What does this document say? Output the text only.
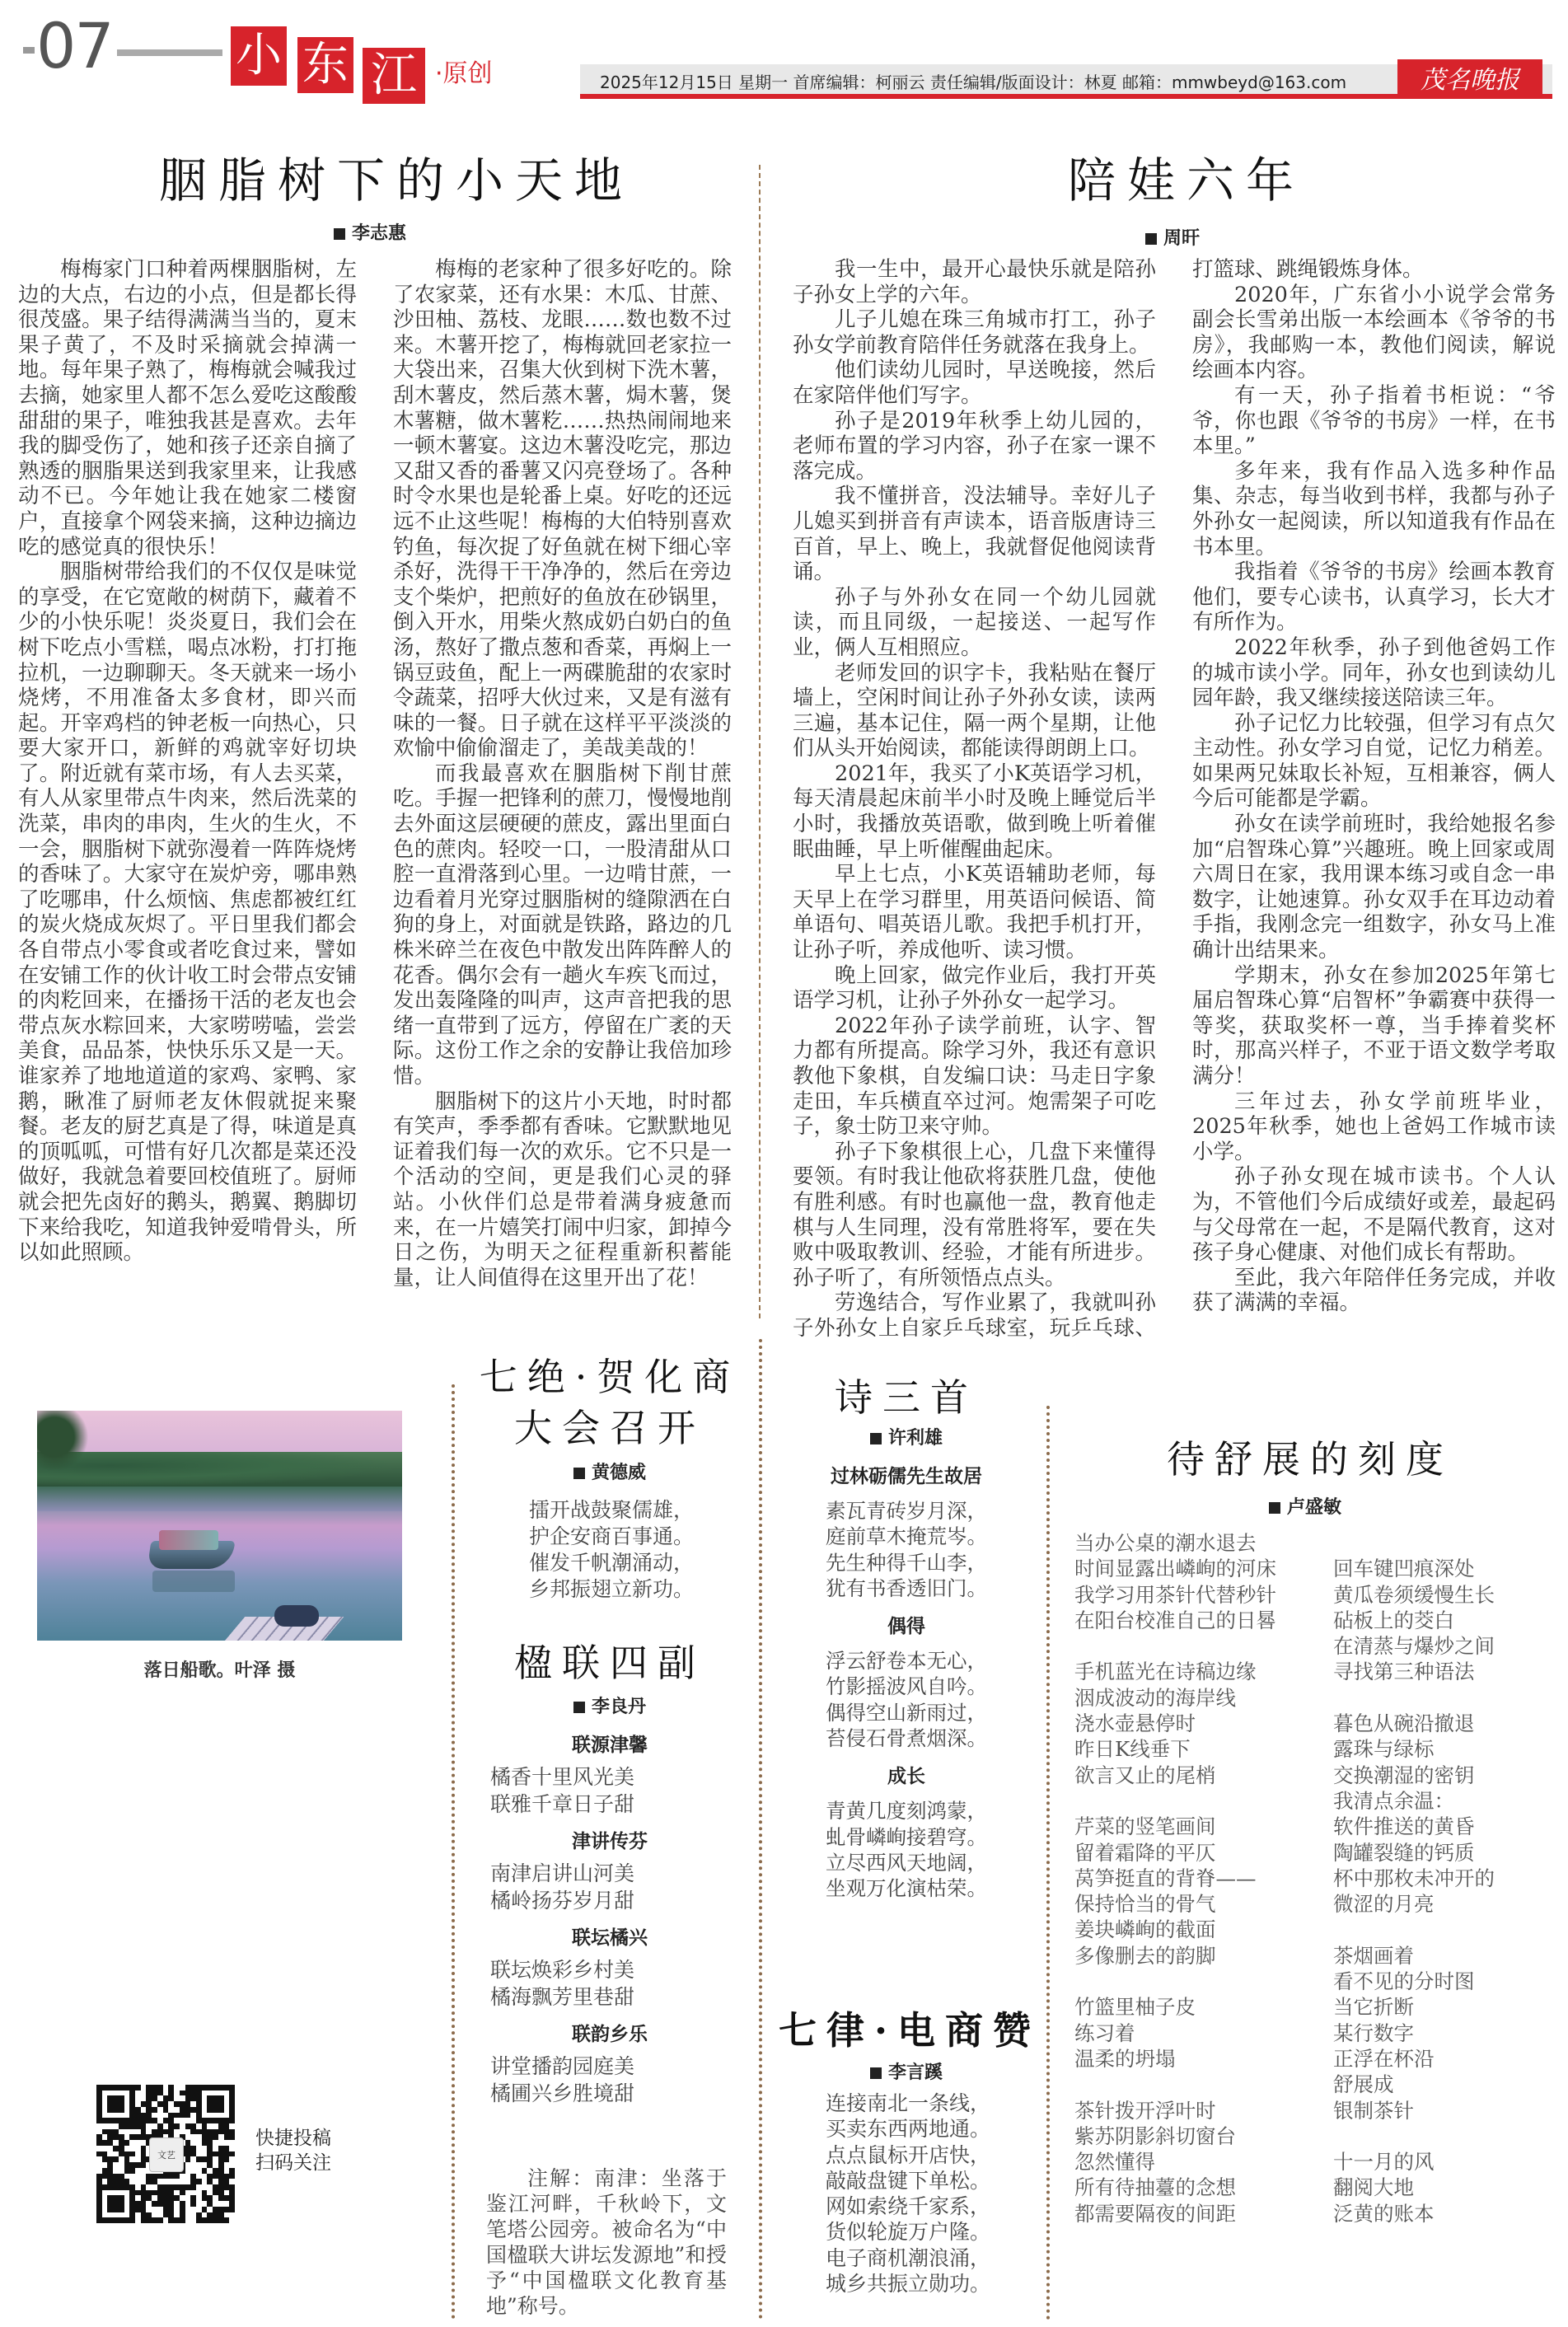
07	小 东 江 ·原创	2025年12月15日 星期一 首席编辑：柯丽云 责任编辑/版面设计：林夏 邮箱：mmwbeyd@163.com	茂名晚报
胭脂树下的小天地
李志惠

梅梅家门口种着两棵胭脂树，左边的大点，右边的小点，但是都长得很茂盛。果子结得满满当当的，夏末果子黄了，不及时采摘就会掉满一地。每年果子熟了，梅梅就会喊我过去摘，她家里人都不怎么爱吃这酸酸甜甜的果子，唯独我甚是喜欢。去年我的脚受伤了，她和孩子还亲自摘了熟透的胭脂果送到我家里来，让我感动不已。今年她让我在她家二楼窗户，直接拿个网袋来摘，这种边摘边吃的感觉真的很快乐！

胭脂树带给我们的不仅仅是味觉的享受，在它宽敞的树荫下，藏着不少的小快乐呢！炎炎夏日，我们会在树下吃点小雪糕，喝点冰粉，打打拖拉机，一边聊聊天。冬天就来一场小烧烤，不用准备太多食材，即兴而起。开宰鸡档的钟老板一向热心，只要大家开口，新鲜的鸡就宰好切块了。附近就有菜市场，有人去买菜，有人从家里带点牛肉来，然后洗菜的洗菜，串肉的串肉，生火的生火，不一会，胭脂树下就弥漫着一阵阵烧烤的香味了。大家守在炭炉旁，哪串熟了吃哪串，什么烦恼、焦虑都被红红的炭火烧成灰烬了。平日里我们都会各自带点小零食或者吃食过来，譬如在安铺工作的伙计收工时会带点安铺的肉籺回来，在播扬干活的老友也会带点灰水粽回来，大家唠唠嗑，尝尝美食，品品茶，快快乐乐又是一天。谁家养了地地道道的家鸡、家鸭、家鹅，瞅准了厨师老友休假就捉来聚餐。老友的厨艺真是了得，味道是真的顶呱呱，可惜有好几次都是菜还没做好，我就急着要回校值班了。厨师就会把先卤好的鹅头，鹅翼、鹅脚切下来给我吃，知道我钟爱啃骨头，所以如此照顾。

梅梅的老家种了很多好吃的。除了农家菜，还有水果：木瓜、甘蔗、沙田柚、荔枝、龙眼……数也数不过来。木薯开挖了，梅梅就回老家拉一大袋出来，召集大伙到树下洗木薯，刮木薯皮，然后蒸木薯，焗木薯，煲木薯糖，做木薯籺……热热闹闹地来一顿木薯宴。这边木薯没吃完，那边又甜又香的番薯又闪亮登场了。各种时令水果也是轮番上桌。好吃的还远远不止这些呢！梅梅的大伯特别喜欢钓鱼，每次捉了好鱼就在树下细心宰杀好，洗得干干净净的，然后在旁边支个柴炉，把煎好的鱼放在砂锅里，倒入开水，用柴火熬成奶白奶白的鱼汤，熬好了撒点葱和香菜，再焖上一锅豆豉鱼，配上一两碟脆甜的农家时令蔬菜，招呼大伙过来，又是有滋有味的一餐。日子就在这样平平淡淡的欢愉中偷偷溜走了，美哉美哉的！

而我最喜欢在胭脂树下削甘蔗吃。手握一把锋利的蔗刀，慢慢地削去外面这层硬硬的蔗皮，露出里面白色的蔗肉。轻咬一口，一股清甜从口腔一直滑落到心里。一边啃甘蔗，一边看着月光穿过胭脂树的缝隙洒在白狗的身上，对面就是铁路，路边的几株米碎兰在夜色中散发出阵阵醉人的花香。偶尔会有一趟火车疾飞而过，发出轰隆隆的叫声，这声音把我的思绪一直带到了远方，停留在广袤的天际。这份工作之余的安静让我倍加珍惜。

胭脂树下的这片小天地，时时都有笑声，季季都有香味。它默默地见证着我们每一次的欢乐。它不只是一个活动的空间，更是我们心灵的驿站。小伙伴们总是带着满身疲惫而来，在一片嬉笑打闹中归家，卸掉今日之伤，为明天之征程重新积蓄能量，让人间值得在这里开出了花！

陪娃六年
周旰

我一生中，最开心最快乐就是陪孙子孙女上学的六年。

儿子儿媳在珠三角城市打工，孙子孙女学前教育陪伴任务就落在我身上。

他们读幼儿园时，早送晚接，然后在家陪伴他们写字。

孙子是2019年秋季上幼儿园的，老师布置的学习内容，孙子在家一课不落完成。

我不懂拼音，没法辅导。幸好儿子儿媳买到拼音有声读本，语音版唐诗三百首，早上、晚上，我就督促他阅读背诵。

孙子与外孙女在同一个幼儿园就读，而且同级，一起接送、一起写作业，俩人互相照应。

老师发回的识字卡，我粘贴在餐厅墙上，空闲时间让孙子外孙女读，读两三遍，基本记住，隔一两个星期，让他们从头开始阅读，都能读得朗朗上口。

2021年，我买了小K英语学习机，每天清晨起床前半小时及晚上睡觉后半小时，我播放英语歌，做到晚上听着催眠曲睡，早上听催醒曲起床。

早上七点，小K英语辅助老师，每天早上在学习群里，用英语问候语、简单语句、唱英语儿歌。我把手机打开，让孙子听，养成他听、读习惯。

晚上回家，做完作业后，我打开英语学习机，让孙子外孙女一起学习。

2022年孙子读学前班，认字、智力都有所提高。除学习外，我还有意识教他下象棋，自发编口诀：马走日字象走田，车兵横直卒过河。炮需架子可吃子，象士防卫来守帅。

孙子下象棋很上心，几盘下来懂得要领。有时我让他砍将获胜几盘，使他有胜利感。有时也赢他一盘，教育他走棋与人生同理，没有常胜将军，要在失败中吸取教训、经验，才能有所进步。孙子听了，有所领悟点点头。

劳逸结合，写作业累了，我就叫孙子外孙女上自家乒乓球室，玩乒乓球、打篮球、跳绳锻炼身体。

2020年，广东省小小说学会常务副会长雪弟出版一本绘画本《爷爷的书房》，我邮购一本，教他们阅读，解说绘画本内容。

有一天，孙子指着书柜说：“爷爷，你也跟《爷爷的书房》一样，在书本里。”

多年来，我有作品入选多种作品集、杂志，每当收到书样，我都与孙子外孙女一起阅读，所以知道我有作品在书本里。

我指着《爷爷的书房》绘画本教育他们，要专心读书，认真学习，长大才有所作为。

2022年秋季，孙子到他爸妈工作的城市读小学。同年，孙女也到读幼儿园年龄，我又继续接送陪读三年。

孙子记忆力比较强，但学习有点欠主动性。孙女学习自觉，记忆力稍差。如果两兄妹取长补短，互相兼容，俩人今后可能都是学霸。

孙女在读学前班时，我给她报名参加“启智珠心算”兴趣班。晚上回家或周六周日在家，我用课本练习或自念一串数字，让她速算。孙女双手在耳边动着手指，我刚念完一组数字，孙女马上准确计出结果来。

学期末，孙女在参加2025年第七届启智珠心算“启智杯”争霸赛中获得一等奖，获取奖杯一尊，当手捧着奖杯时，那高兴样子，不亚于语文数学考取满分！

三年过去，孙女学前班毕业，2025年秋季，她也上爸妈工作城市读小学。

孙子孙女现在城市读书。个人认为，不管他们今后成绩好或差，最起码与父母常在一起，不是隔代教育，这对孩子身心健康、对他们成长有帮助。

至此，我六年陪伴任务完成，并收获了满满的幸福。

落日船歌。叶泽 摄
文艺
快捷投稿
扫码关注
七绝·贺化商
大会召开
黄德威
擂开战鼓聚儒雄，
护企安商百事通。
催发千帆潮涌动，
乡邦振翅立新功。
楹联四副
李良丹
联源津馨
橘香十里风光美
联雅千章日子甜
津讲传芬
南津启讲山河美
橘岭扬芬岁月甜
联坛橘兴
联坛焕彩乡村美
橘海飘芳里巷甜
联韵乡乐
讲堂播韵园庭美
橘圃兴乡胜境甜
注解：南津：坐落于鉴江河畔，千秋岭下，文笔塔公园旁。被命名为“中国楹联大讲坛发源地”和授予“中国楹联文化教育基地”称号。
诗三首
许利雄
过林砺儒先生故居
素瓦青砖岁月深，
庭前草木掩荒岑。
先生种得千山李，
犹有书香透旧门。
偶得
浮云舒卷本无心，
竹影摇波风自吟。
偶得空山新雨过，
苔侵石骨煮烟深。
成长
青黄几度刻鸿蒙，
虬骨嶙峋接碧穹。
立尽西风天地阔，
坐观万化演枯荣。
七律·电商赞
李言蹊
连接南北一条线，
买卖东西两地通。
点点鼠标开店快，
敲敲盘键下单松。
网如索绕千家系，
货似轮旋万户隆。
电子商机潮浪涌，
城乡共振立勋功。
待舒展的刻度
卢盛敏
当办公桌的潮水退去
时间显露出嶙峋的河床
我学习用茶针代替秒针
在阳台校准自己的日晷
手机蓝光在诗稿边缘
洇成波动的海岸线
浇水壶悬停时
昨日K线垂下
欲言又止的尾梢
芹菜的竖笔画间
留着霜降的平仄
莴笋挺直的背脊——
保持恰当的骨气
姜块嶙峋的截面
多像删去的韵脚
竹篮里柚子皮
练习着
温柔的坍塌
茶针拨开浮叶时
紫苏阴影斜切窗台
忽然懂得
所有待抽薹的念想
都需要隔夜的间距
回车键凹痕深处
黄瓜卷须缓慢生长
砧板上的茭白
在清蒸与爆炒之间
寻找第三种语法
暮色从碗沿撤退
露珠与绿标
交换潮湿的密钥
我清点余温：
软件推送的黄昏
陶罐裂缝的钙质
杯中那枚未冲开的
微涩的月亮
茶烟画着
看不见的分时图
当它折断
某行数字
正浮在杯沿
舒展成
银制茶针
十一月的风
翻阅大地
泛黄的账本
